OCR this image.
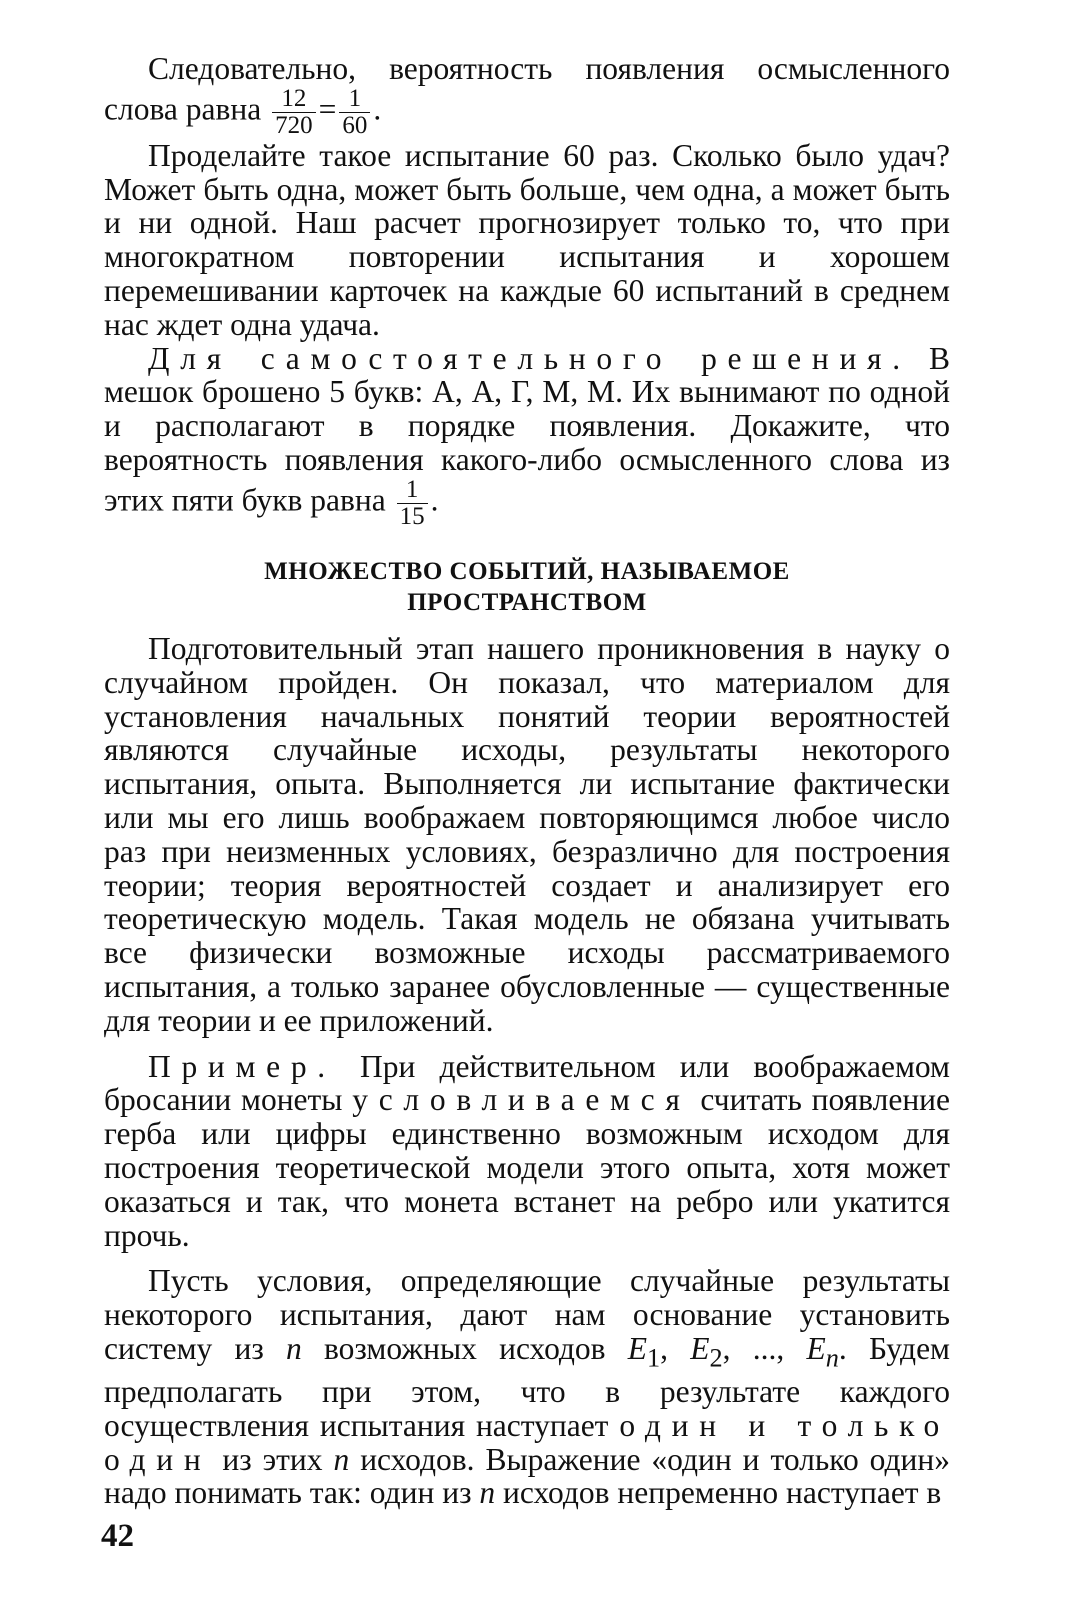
Следовательно, вероятность появления осмысленного слова равна $\frac{12}{720} = \frac{1}{60}$ .

Проделайте такое испытание 60 раз. Сколько было удач? Может быть одна, может быть больше, чем одна, а может быть и ни одной. Наш расчет прогнозирует только то, что при многократном повторении испытания и хорошем перемешивании карточек на каждые 60 испытаний в среднем нас ждет одна удача.

Для самостоятельного решения. В мешок брошено 5 букв: А, А, Г, М, М. Их вынимают по одной и располагают в порядке появления. Докажите, что вероятность появления какого-либо осмысленного слова из этих пяти букв равна $\frac{1}{15}$ .

МНОЖЕСТВО СОБЫТИЙ, НАЗЫВАЕМОЕ
ПРОСТРАНСТВОМ

Подготовительный этап нашего проникновения в науку о случайном пройден. Он показал, что материалом для установления начальных понятий теории вероятностей являются случайные исходы, результаты некоторого испытания, опыта. Выполняется ли испытание фактически или мы его лишь воображаем повторяющимся любое число раз при неизменных условиях, безразлично для построения теории; теория вероятностей создает и анализирует его теоретическую модель. Такая модель не обязана учитывать все физически возможные исходы рассматриваемого испытания, а только заранее обусловленные — существенные для теории и ее приложений.

Пример. При действительном или воображаемом бросании монеты условливаемся считать появление герба или цифры единственно возможным исходом для построения теоретической модели этого опыта, хотя может оказаться и так, что монета встанет на ребро или укатится прочь.

Пусть условия, определяющие случайные результаты некоторого испытания, дают нам основание установить систему из n возможных исходов $E_1$, $E_2$, ..., $E_n$. Будем предполагать при этом, что в результате каждого осуществления испытания наступает один и только один из этих n исходов. Выражение «один и только один» надо понимать так: один из n исходов непременно наступает в

42
